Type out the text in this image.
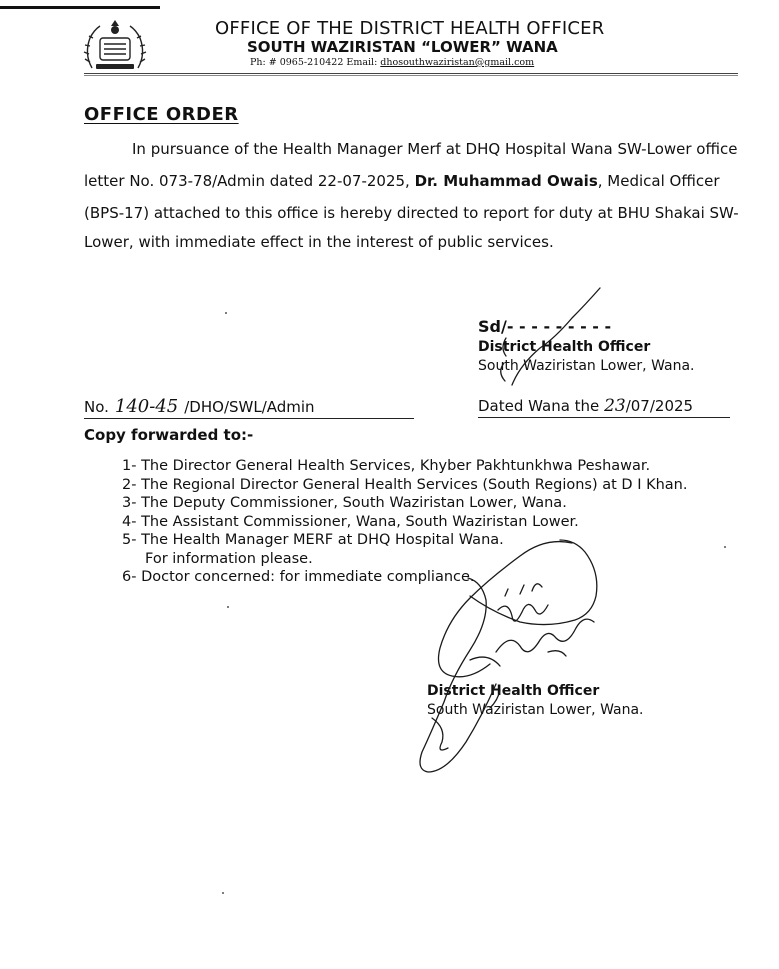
OFFICE OF THE DISTRICT HEALTH OFFICER
SOUTH WAZIRISTAN “LOWER” WANA
Ph: # 0965-210422 Email: dhosouthwaziristan@gmail.com
OFFICE ORDER
In pursuance of the Health Manager Merf at DHQ Hospital Wana SW-Lower office
letter No. 073-78/Admin dated 22-07-2025, Dr. Muhammad Owais, Medical Officer
(BPS-17) attached to this office is hereby directed to report for duty at BHU Shakai SW-
Lower, with immediate effect in the interest of public services.
Sd/- - - - - - - - -
District Health Officer
South Waziristan Lower, Wana.
No. 140-45 /DHO/SWL/Admin	Dated Wana the 23/07/2025
Copy forwarded to:-
1- The Director General Health Services, Khyber Pakhtunkhwa Peshawar.
2- The Regional Director General Health Services (South Regions) at D I Khan.
3- The Deputy Commissioner, South Waziristan Lower, Wana.
4- The Assistant Commissioner, Wana, South Waziristan Lower.
5- The Health Manager MERF at DHQ Hospital Wana.
For information please.
6- Doctor concerned: for immediate compliance.
District Health Officer
South Waziristan Lower, Wana.
